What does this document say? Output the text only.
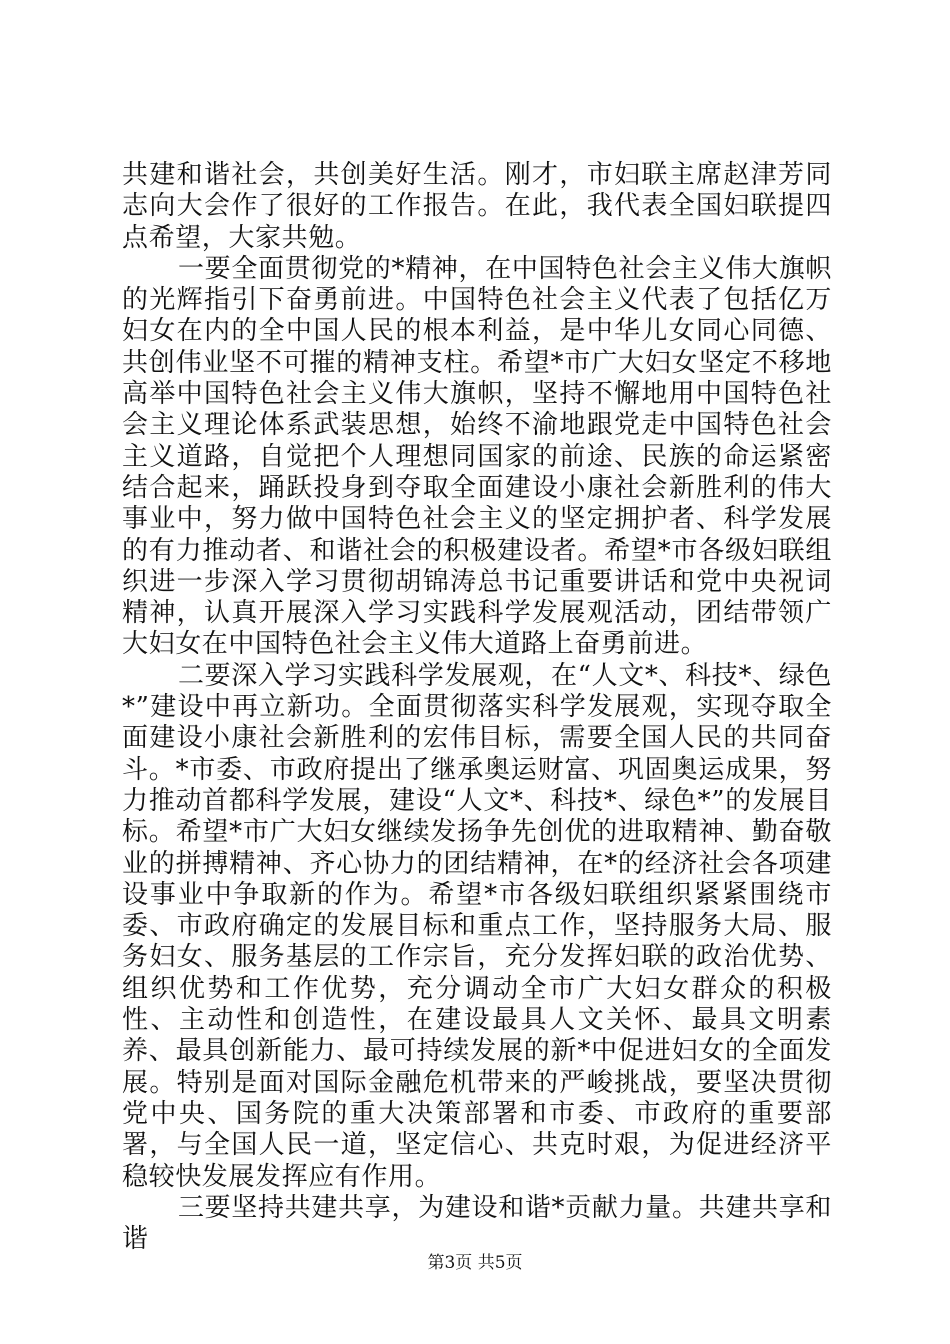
共建和谐社会，共创美好生活。刚才，市妇联主席赵津芳同志向大会作了很好的工作报告。在此，我代表全国妇联提四点希望，大家共勉。

一要全面贯彻党的*精神，在中国特色社会主义伟大旗帜的光辉指引下奋勇前进。中国特色社会主义代表了包括亿万妇女在内的全中国人民的根本利益，是中华儿女同心同德、共创伟业坚不可摧的精神支柱。希望*市广大妇女坚定不移地高举中国特色社会主义伟大旗帜，坚持不懈地用中国特色社会主义理论体系武装思想，始终不渝地跟党走中国特色社会主义道路，自觉把个人理想同国家的前途、民族的命运紧密结合起来，踊跃投身到夺取全面建设小康社会新胜利的伟大事业中，努力做中国特色社会主义的坚定拥护者、科学发展的有力推动者、和谐社会的积极建设者。希望*市各级妇联组织进一步深入学习贯彻胡锦涛总书记重要讲话和党中央祝词精神，认真开展深入学习实践科学发展观活动，团结带领广大妇女在中国特色社会主义伟大道路上奋勇前进。

二要深入学习实践科学发展观，在“人文*、科技*、绿色*”建设中再立新功。全面贯彻落实科学发展观，实现夺取全面建设小康社会新胜利的宏伟目标，需要全国人民的共同奋斗。*市委、市政府提出了继承奥运财富、巩固奥运成果，努力推动首都科学发展，建设“人文*、科技*、绿色*”的发展目标。希望*市广大妇女继续发扬争先创优的进取精神、勤奋敬业的拼搏精神、齐心协力的团结精神，在*的经济社会各项建设事业中争取新的作为。希望*市各级妇联组织紧紧围绕市委、市政府确定的发展目标和重点工作，坚持服务大局、服务妇女、服务基层的工作宗旨，充分发挥妇联的政治优势、组织优势和工作优势，充分调动全市广大妇女群众的积极性、主动性和创造性，在建设最具人文关怀、最具文明素养、最具创新能力、最可持续发展的新*中促进妇女的全面发展。特别是面对国际金融危机带来的严峻挑战，要坚决贯彻党中央、国务院的重大决策部署和市委、市政府的重要部署，与全国人民一道，坚定信心、共克时艰，为促进经济平稳较快发展发挥应有作用。

三要坚持共建共享，为建设和谐*贡献力量。共建共享和谐

第3页 共5页
